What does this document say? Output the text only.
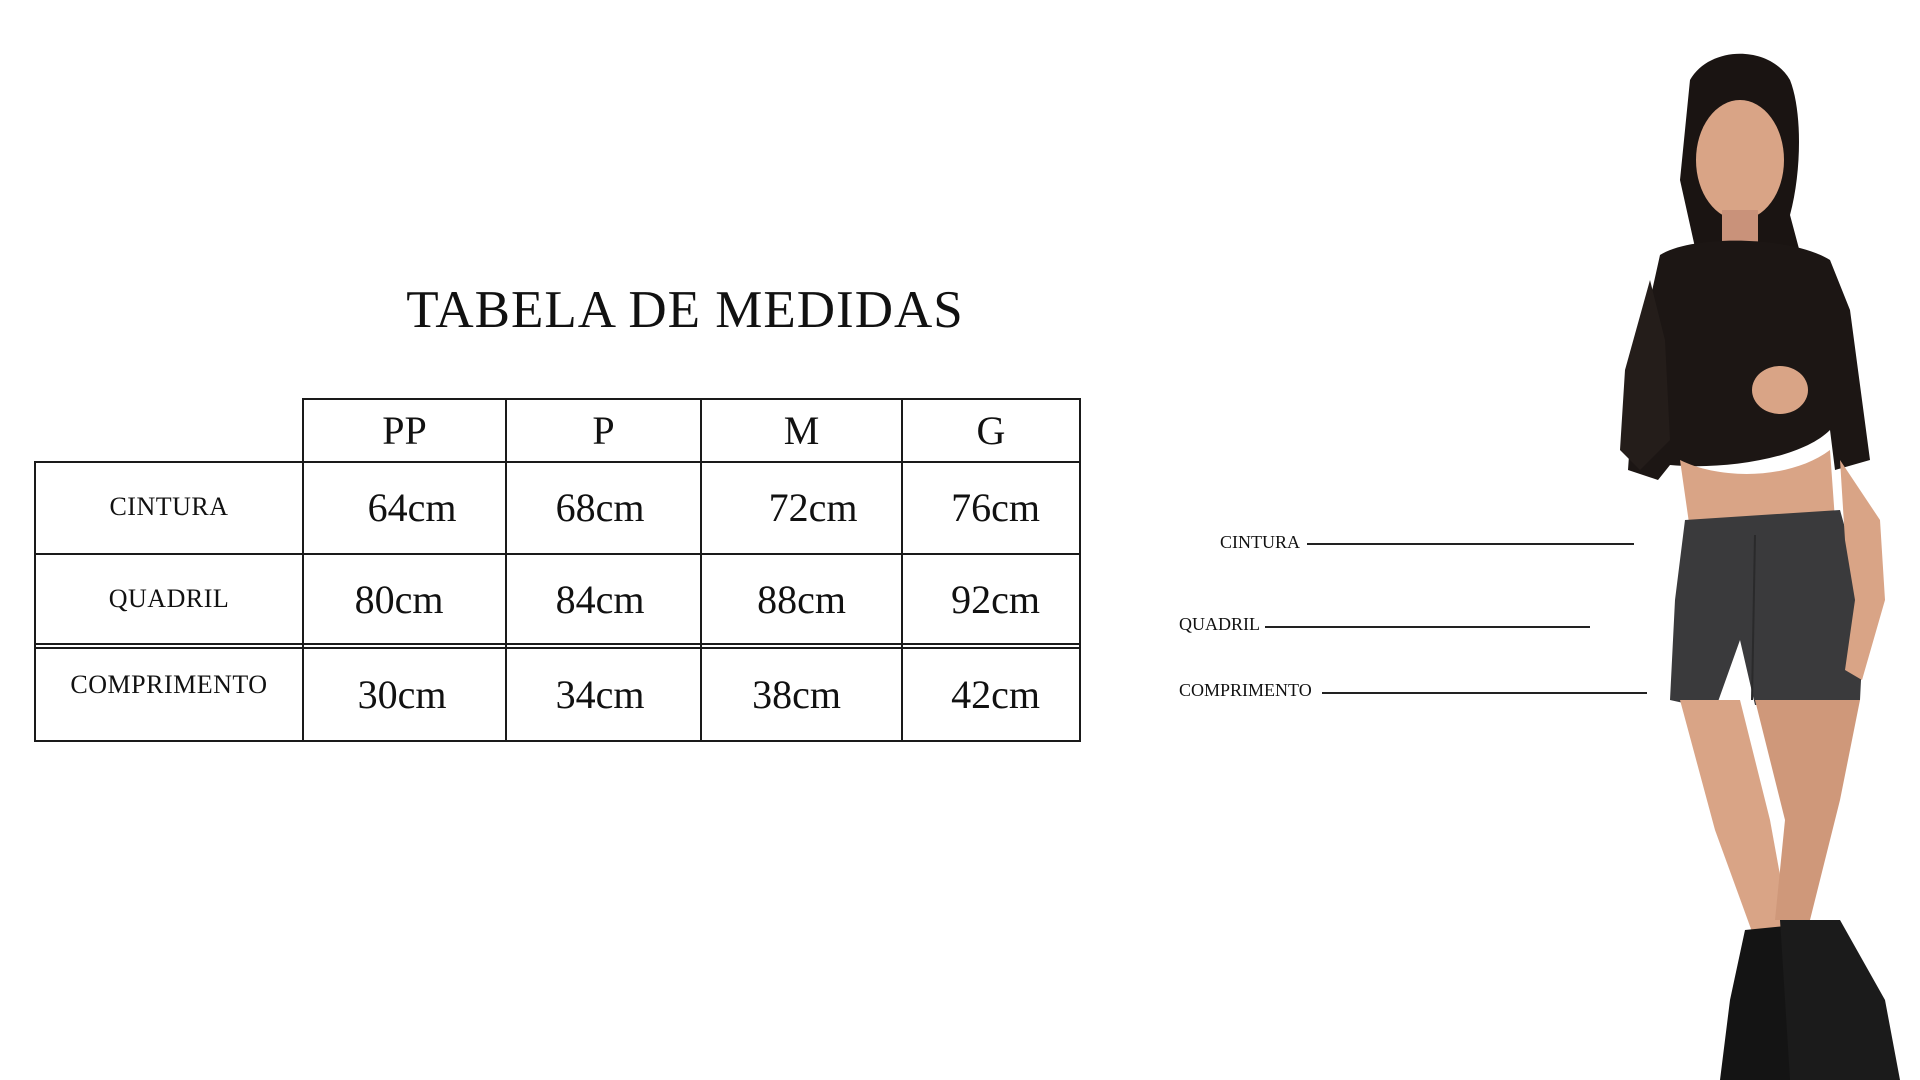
TABELA DE MEDIDAS
PP	P	M	G
CINTURA	64cm	68cm	72cm	76cm
QUADRIL	80cm	84cm	88cm	92cm
COMPRIMENTO	30cm	34cm	38cm	42cm
CINTURA
QUADRIL
COMPRIMENTO
